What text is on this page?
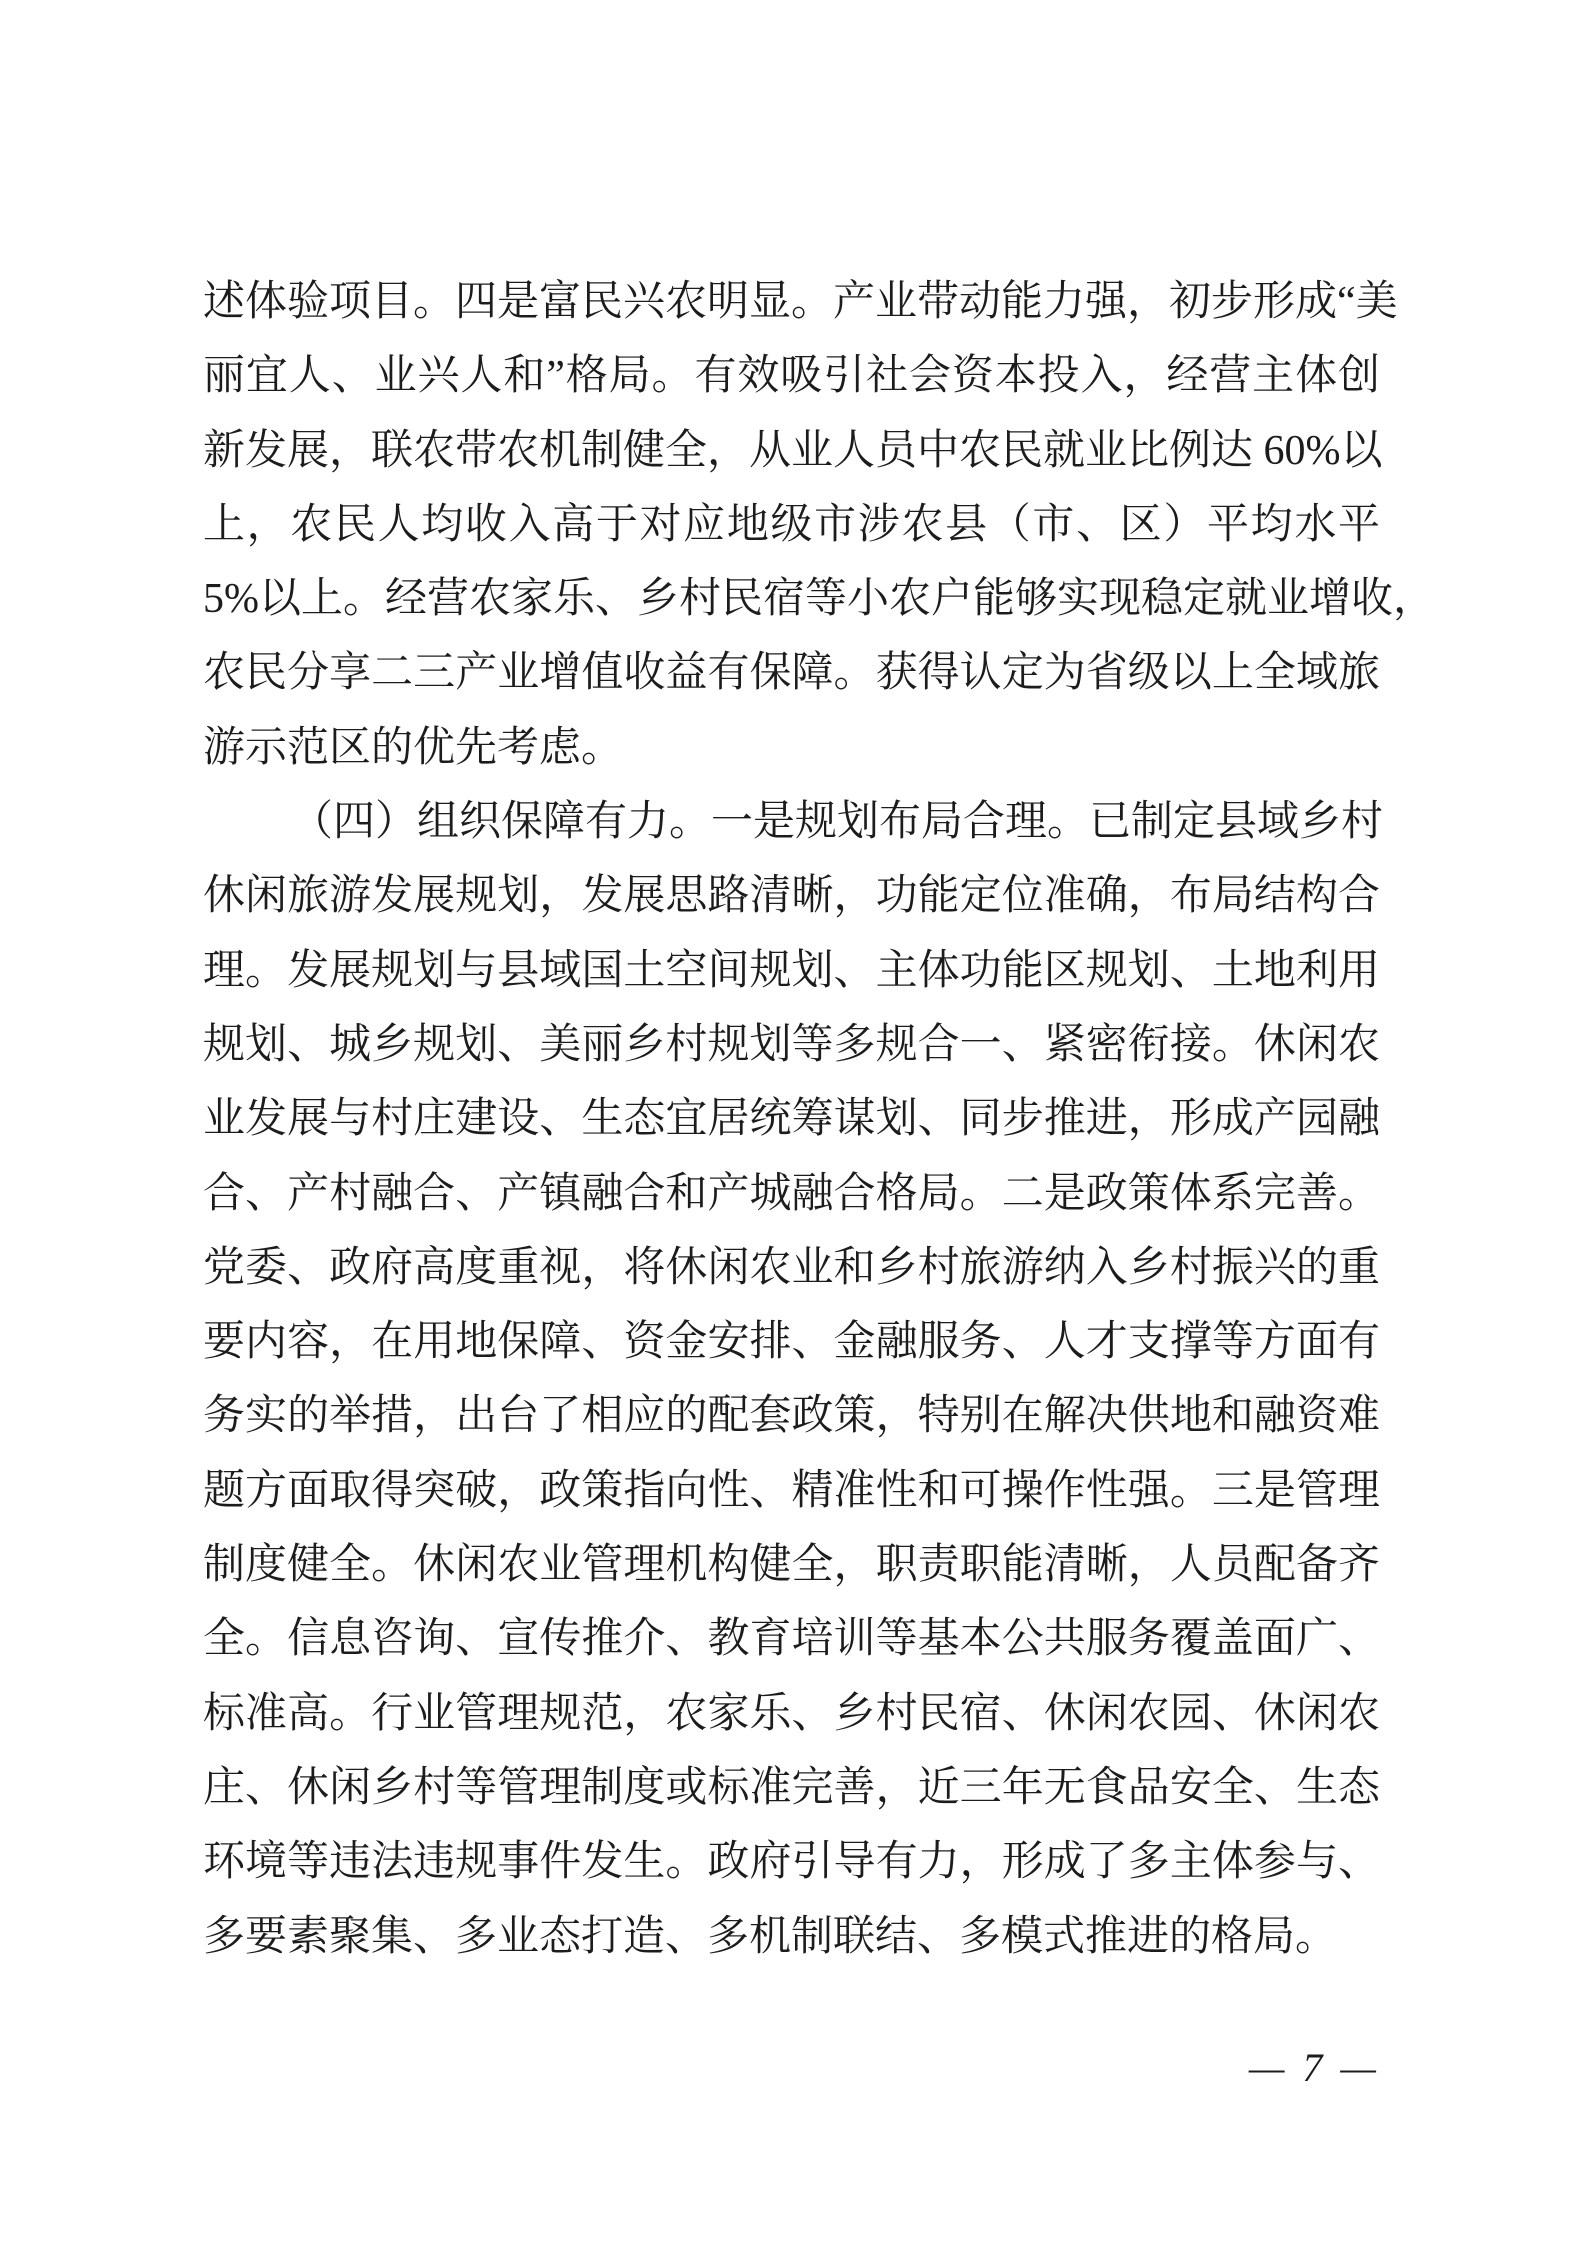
述体验项目。四是富民兴农明显。产业带动能力强，初步形成“美
丽宜人、业兴人和”格局。有效吸引社会资本投入，经营主体创
新发展，联农带农机制健全，从业人员中农民就业比例达 60%以
上，农民人均收入高于对应地级市涉农县（市、区）平均水平
5%以上。经营农家乐、乡村民宿等小农户能够实现稳定就业增收，
农民分享二三产业增值收益有保障。获得认定为省级以上全域旅
游示范区的优先考虑。
（四）组织保障有力。一是规划布局合理。已制定县域乡村
休闲旅游发展规划，发展思路清晰，功能定位准确，布局结构合
理。发展规划与县域国土空间规划、主体功能区规划、土地利用
规划、城乡规划、美丽乡村规划等多规合一、紧密衔接。休闲农
业发展与村庄建设、生态宜居统筹谋划、同步推进，形成产园融
合、产村融合、产镇融合和产城融合格局。二是政策体系完善。
党委、政府高度重视，将休闲农业和乡村旅游纳入乡村振兴的重
要内容，在用地保障、资金安排、金融服务、人才支撑等方面有
务实的举措，出台了相应的配套政策，特别在解决供地和融资难
题方面取得突破，政策指向性、精准性和可操作性强。三是管理
制度健全。休闲农业管理机构健全，职责职能清晰，人员配备齐
全。信息咨询、宣传推介、教育培训等基本公共服务覆盖面广、
标准高。行业管理规范，农家乐、乡村民宿、休闲农园、休闲农
庄、休闲乡村等管理制度或标准完善，近三年无食品安全、生态
环境等违法违规事件发生。政府引导有力，形成了多主体参与、
多要素聚集、多业态打造、多机制联结、多模式推进的格局。
— 7 —
